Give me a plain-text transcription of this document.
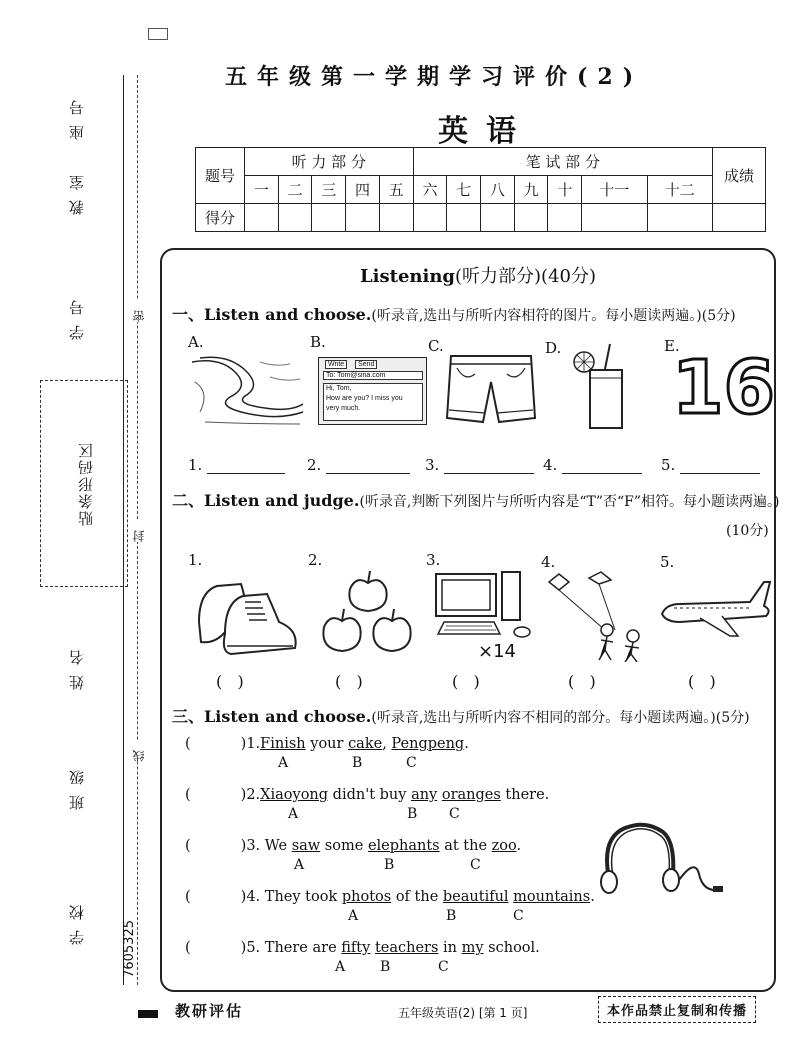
座号
教室
学号
贴条形码区
姓名
班级
学校	7605325
密
封
线
五年级第一学期学习评价(2)
英语
题号	听 力 部 分					笔 试 部 分							成绩
	一	二	三	四	五	六	七	八	九	十	十一	十二	
得分													
Listening(听力部分)(40分)
一、Listen and choose.(听录音,选出与所听内容相符的图片。每小题读两遍。)(5分)
A.	B.	C.	D.	E.
Write	Send
To: Tom@sina.com
Hi, Tom,
How are you? I miss you
very much.	16
1.	2.	3.	4.	5.
二、Listen and judge.(听录音,判断下列图片与所听内容是“T”否“F”相符。每小题读两遍。)
(10分)
1.	2.	3.	4.	5.
×14
(   )	(   )	(   )	(   )	(   )
三、Listen and choose.(听录音,选出与所听内容不相同的部分。每小题读两遍。)(5分)
(	)1.Finish your cake, Pengpeng.
A	B	C
(	)2.Xiaoyong didn't buy any oranges there.
A	B C
(	)3. We saw some elephants at the zoo.
A	B	C
(	)4. They took photos of the beautiful mountains.
A	B	C
(	)5. There are fifty teachers in my school.
A B	C
教研评估	五年级英语(2) [第 1 页]	本作品禁止复制和传播
